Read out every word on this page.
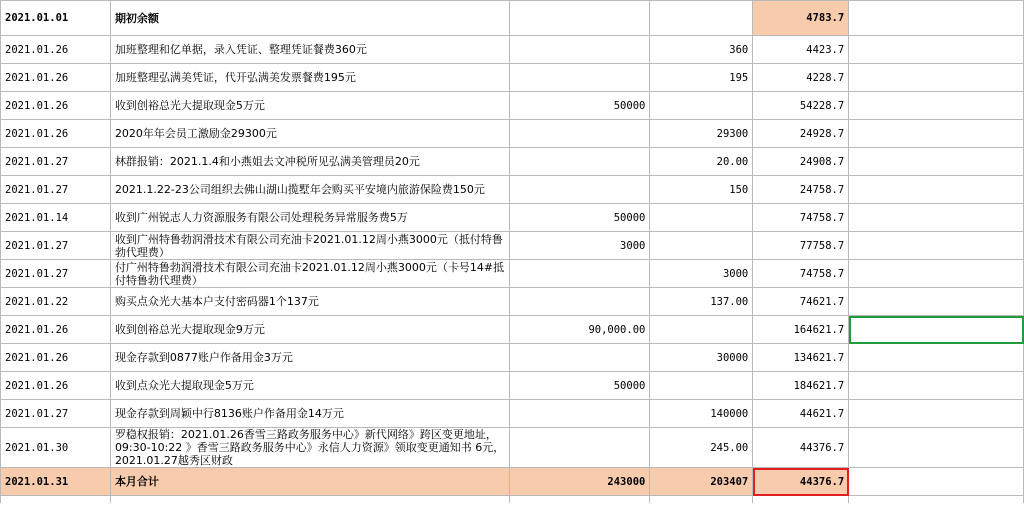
2021.01.01	期初余额			4783.7	
2021.01.26	加班整理和亿单据，录入凭证、整理凭证餐费360元		360	4423.7	
2021.01.26	加班整理弘满美凭证，代开弘满美发票餐费195元		195	4228.7	
2021.01.26	收到创裕总光大提取现金5万元	50000		54228.7	
2021.01.26	2020年年会员工激励金29300元		29300	24928.7	
2021.01.27	林群报销：2021.1.4和小燕姐去文冲税所见弘满美管理员20元		20.00	24908.7	
2021.01.27	2021.1.22-23公司组织去佛山湖山揽墅年会购买平安境内旅游保险费150元		150	24758.7	
2021.01.14	收到广州锐志人力资源服务有限公司处理税务异常服务费5万	50000		74758.7	
2021.01.27	收到广州特鲁勃润滑技术有限公司充油卡2021.01.12周小燕3000元（抵付特鲁勃代理费）	3000		77758.7	
2021.01.27	付广州特鲁勃润滑技术有限公司充油卡2021.01.12周小燕3000元（卡号14#抵付特鲁勃代理费）		3000	74758.7	
2021.01.22	购买点众光大基本户支付密码器1个137元		137.00	74621.7	
2021.01.26	收到创裕总光大提取现金9万元	90,000.00		164621.7	
2021.01.26	现金存款到0877账户作备用金3万元		30000	134621.7	
2021.01.26	收到点众光大提取现金5万元	50000		184621.7	
2021.01.27	现金存款到周颖中行8136账户作备用金14万元		140000	44621.7	
2021.01.30	罗稳权报销：2021.01.26香雪三路政务服务中心》新代网络》跨区变更地址，09:30-10:22 》香雪三路政务服务中心》永信人力资源》领取变更通知书 6元，2021.01.27越秀区财政		245.00	44376.7	
2021.01.31	本月合计	243000	203407	44376.7	
